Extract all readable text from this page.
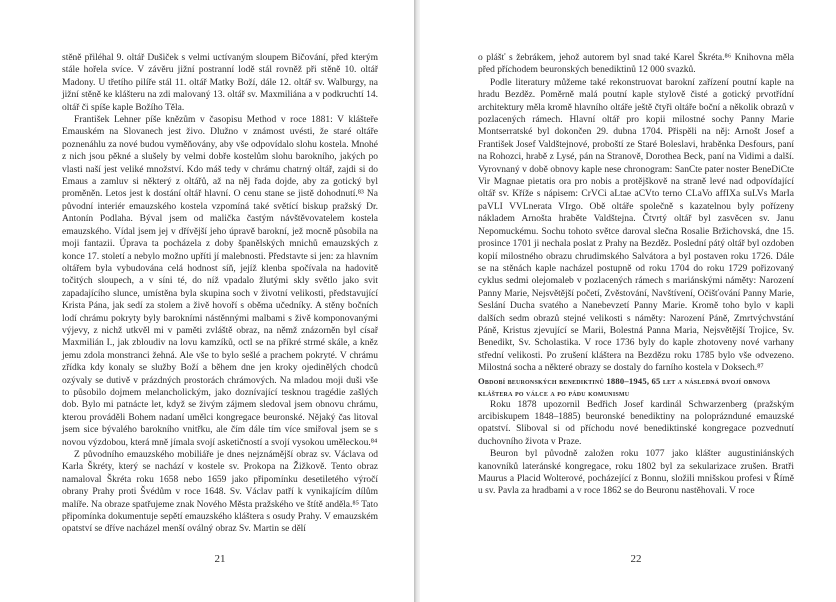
stěně přiléhal 9. oltář Dušiček s velmi uctívaným sloupem Bičování, před kterým stále hořela svíce. V závěru jižní postranní lodě stál rovněž při stěně 10. oltář Madony. U třetího pilíře stál 11. oltář Matky Boží, dále 12. oltář sv. Walburgy, na jižní stěně ke klášteru na zdi malovaný 13. oltář sv. Maxmiliána a v podkruchtí 14. oltář či spíše kaple Božího Těla.

František Lehner píše knězům v časopisu Method v roce 1881: V klášteře Emauském na Slovanech jest živo. Dlužno v známost uvésti, že staré oltáře poznenáhlu za nové budou vyměňovány, aby vše odpovídalo slohu kostela. Mnohé z nich jsou pěkné a slušely by velmi dobře kostelům slohu barokního, jakých po vlasti naší jest veliké množství. Kdo máš tedy v chrámu chatrný oltář, zajdi si do Emaus a zamluv si některý z oltářů, až na něj řada dojde, aby za gotický byl proměněn. Letos jest k dostání oltář hlavní. O cenu stane se jistě dohodnutí.⁸³ Na původní interiér emauzského kostela vzpomíná také světící biskup pražský Dr. Antonín Podlaha. Býval jsem od malička častým návštěvovatelem kostela emauzského. Vídal jsem jej v dřívější jeho úpravě barokní, jež mocně působila na moji fantazii. Úprava ta pocházela z doby španělských mnichů emauzských z konce 17. století a nebylo možno upříti jí malebnosti. Představte si jen: za hlavním oltářem byla vybudována celá hodnost síň, jejíž klenba spočívala na hadovitě točitých sloupech, a v síni té, do níž vpadalo žlutými skly světlo jako svit zapadajícího slunce, umístěna byla skupina soch v životní velikosti, představující Krista Pána, jak sedí za stolem a živě hovoří s oběma učedníky. A stěny bočních lodí chrámu pokryty byly barokními nástěnnými malbami s živě komponovanými výjevy, z nichž utkvěl mi v paměti zvláště obraz, na němž znázorněn byl císař Maxmilián I., jak zbloudiv na lovu kamzíků, octl se na příkré strmé skále, a kněz jemu zdola monstranci žehná. Ale vše to bylo sešlé a prachem pokryté. V chrámu zřídka kdy konaly se služby Boží a během dne jen kroky ojedinělých chodců ozývaly se dutivě v prázdných prostorách chrámových. Na mladou moji duši vše to působilo dojmem melancholickým, jako doznívající tesknou tragédie zašlých dob. Bylo mi patnácte let, když se živým zájmem sledoval jsem obnovu chrámu, kterou prováděli Bohem nadaní umělci kongregace beuronské. Nějaký čas litoval jsem sice bývalého barokního vnitřku, ale čím dále tím více smiřoval jsem se s novou výzdobou, která mně jímala svojí asketičností a svojí vysokou uměleckou.⁸⁴

Z původního emauzského mobiliáře je dnes nejznámější obraz sv. Václava od Karla Škréty, který se nachází v kostele sv. Prokopa na Žižkově. Tento obraz namaloval Škréta roku 1658 nebo 1659 jako připomínku desetiletého výročí obrany Prahy proti Švédům v roce 1648. Sv. Václav patří k vynikajícím dílům malíře. Na obraze spatřujeme znak Nového Města pražského ve štítě anděla.⁸⁵ Tato připomínka dokumentuje sepětí emauzského kláštera s osudy Prahy. V emauzském opatství se dříve nacházel menší oválný obraz Sv. Martin se dělí

21

o plášť s žebrákem, jehož autorem byl snad také Karel Škréta.⁸⁶ Knihovna měla před příchodem beuronských benediktinů 12 000 svazků.

Podle literatury můžeme také rekonstruovat barokní zařízení poutní kaple na hradu Bezděz. Poměrně malá poutní kaple stylově čisté a gotický prvotřídní architektury měla kromě hlavního oltáře ještě čtyři oltáře boční a několik obrazů v pozlacených rámech. Hlavní oltář pro kopii milostné sochy Panny Marie Montserratské byl dokončen 29. dubna 1704. Přispěli na něj: Arnošt Josef a František Josef Valdštejnové, proboští ze Staré Boleslavi, hraběnka Desfours, paní na Rohozci, hrabě z Lysé, pán na Stranově, Dorothea Beck, paní na Vidimi a další. Vyrovnaný v době obnovy kaple nese chronogram: SanCte pater noster BeneDiCte Vir Magnae pietatis ora pro nobis a protějškově na straně levé nad odpovídající oltář sv. Kříže s nápisem: CrVCi aLtae aCVto terno CLaVo affIXa suLVs MarIa paVLI VVLnerata VIrgo. Obě oltáře společně s kazatelnou byly pořízeny nákladem Arnošta hraběte Valdštejna. Čtvrtý oltář byl zasvěcen sv. Janu Nepomuckému. Sochu tohoto světce daroval slečna Rosalie Bržichovská, dne 15. prosince 1701 ji nechala poslat z Prahy na Bezděz. Poslední pátý oltář byl ozdoben kopií milostného obrazu chrudimského Salvátora a byl postaven roku 1726. Dále se na stěnách kaple nacházel postupně od roku 1704 do roku 1729 pořizovaný cyklus sedmi olejomaleb v pozlacených rámech s mariánskými náměty: Narození Panny Marie, Nejsvětější početí, Zvěstování, Navštívení, Očišťování Panny Marie, Seslání Ducha svatého a Nanebevzetí Panny Marie. Kromě toho bylo v kapli dalších sedm obrazů stejné velikosti s náměty: Narození Páně, Zmrtvýchvstání Páně, Kristus zjevující se Marii, Bolestná Panna Maria, Nejsvětější Trojice, Sv. Benedikt, Sv. Scholastika. V roce 1736 byly do kaple zhotoveny nové varhany střední velikosti. Po zrušení kláštera na Bezdězu roku 1785 bylo vše odvezeno. Milostná socha a některé obrazy se dostaly do farního kostela v Doksech.⁸⁷

Období beuronských benediktinů 1880–1945, 65 let a následná dvojí obnova kláštera po válce a po pádu komunismu

Roku 1878 upozornil Bedřich Josef kardinál Schwarzenberg (pražským arcibiskupem 1848–1885) beuronské benediktiny na polopráznduné emauzské opatství. Sliboval si od příchodu nové benediktinské kongregace pozvednutí duchovního života v Praze.

Beuron byl původně založen roku 1077 jako klášter augustiniánských kanovníků lateránské kongregace, roku 1802 byl za sekularizace zrušen. Bratři Maurus a Placid Wolterové, pocházející z Bonnu, složili mnišskou profesi v Římě u sv. Pavla za hradbami a v roce 1862 se do Beuronu nastěhovali. V roce

22
